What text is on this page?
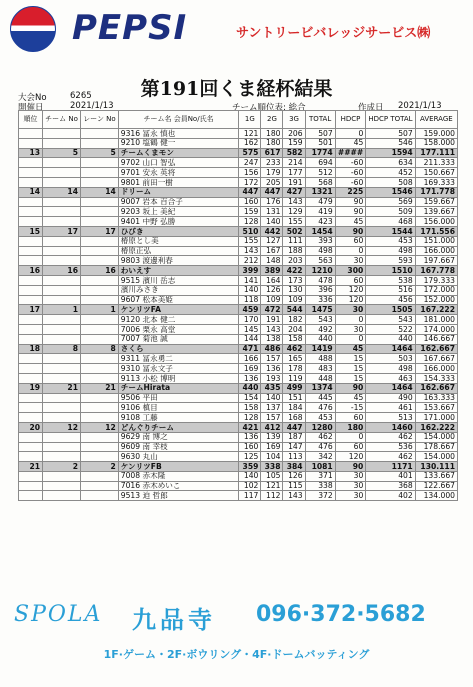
PEPSI	サントリービバレッジサービス㈱
第191回くま経杯結果
大会No	6265
開催日	2021/1/13	チーム順位表: 総合	作成日 2021/1/13
順位	チーム No	レーン No	チーム名 会員No/氏名	1G	2G	3G	TOTAL	HDCP	HDCP TOTAL	AVERAGE
			9316 冨永 慎也	121	180	206	507	0	507	159.000
			9210 塩鶴 健一	162	180	159	501	45	546	158.000
13	5	5	チームくまモン	575	617	582	1774	####	1594	177.111
			9702 山口 智弘	247	233	214	694	-60	634	211.333
			9701 安永 英将	156	179	177	512	-60	452	150.667
			9801 前田一樹	172	205	191	568	-60	508	169.333
14	14	14	ドリーム	447	447	427	1321	225	1546	171.778
			9007 岩本 百合子	160	176	143	479	90	569	159.667
			9203 坂上 美紀	159	131	129	419	90	509	139.667
			9401 中野 弘勝	128	140	155	423	45	468	156.000
15	17	17	ひびき	510	442	502	1454	90	1544	171.556
			椿原とし美	155	127	111	393	60	453	151.000
			椿原正弘	143	167	188	498	0	498	166.000
			9803 渡邊利春	212	148	203	563	30	593	197.667
16	16	16	わいえす	399	389	422	1210	300	1510	167.778
			9515 濱川 岳志	141	164	173	478	60	538	179.333
			濱川みさき	140	126	130	396	120	516	172.000
			9607 松本美姫	118	109	109	336	120	456	152.000
17	1	1	ケンリツFA	459	472	544	1475	30	1505	167.222
			9120 北本 健二	170	191	182	543	0	543	181.000
			7006 栗永 高堂	145	143	204	492	30	522	174.000
			7007 菊池 誠	144	138	158	440	0	440	146.667
18	8	8	さくら	471	486	462	1419	45	1464	162.667
			9311 冨永勇二	166	157	165	488	15	503	167.667
			9310 冨永文子	169	136	178	483	15	498	166.000
			9113 小松 博明	136	193	119	448	15	463	154.333
19	21	21	チームHirata	440	435	499	1374	90	1464	162.667
			9506 平田	154	140	151	445	45	490	163.333
			9106 槙目	158	137	184	476	-15	461	153.667
			9108 工藤	128	157	168	453	60	513	171.000
20	12	12	どんぐりチーム	421	412	447	1280	180	1460	162.222
			9629 南 博之	136	139	187	462	0	462	154.000
			9609 南 幸枝	160	169	147	476	60	536	178.667
			9630 丸山	125	104	113	342	120	462	154.000
21	2	2	ケンリツFB	359	338	384	1081	90	1171	130.111
			7008 赤木隆	140	105	126	371	30	401	133.667
			7016 赤木めいこ	102	121	115	338	30	368	122.667
			9513 迫 哲郎	117	112	143	372	30	402	134.000
SPOLA 九品寺 096·372·5682
1F·ゲーム・2F·ボウリング・4F·ドームバッティング
